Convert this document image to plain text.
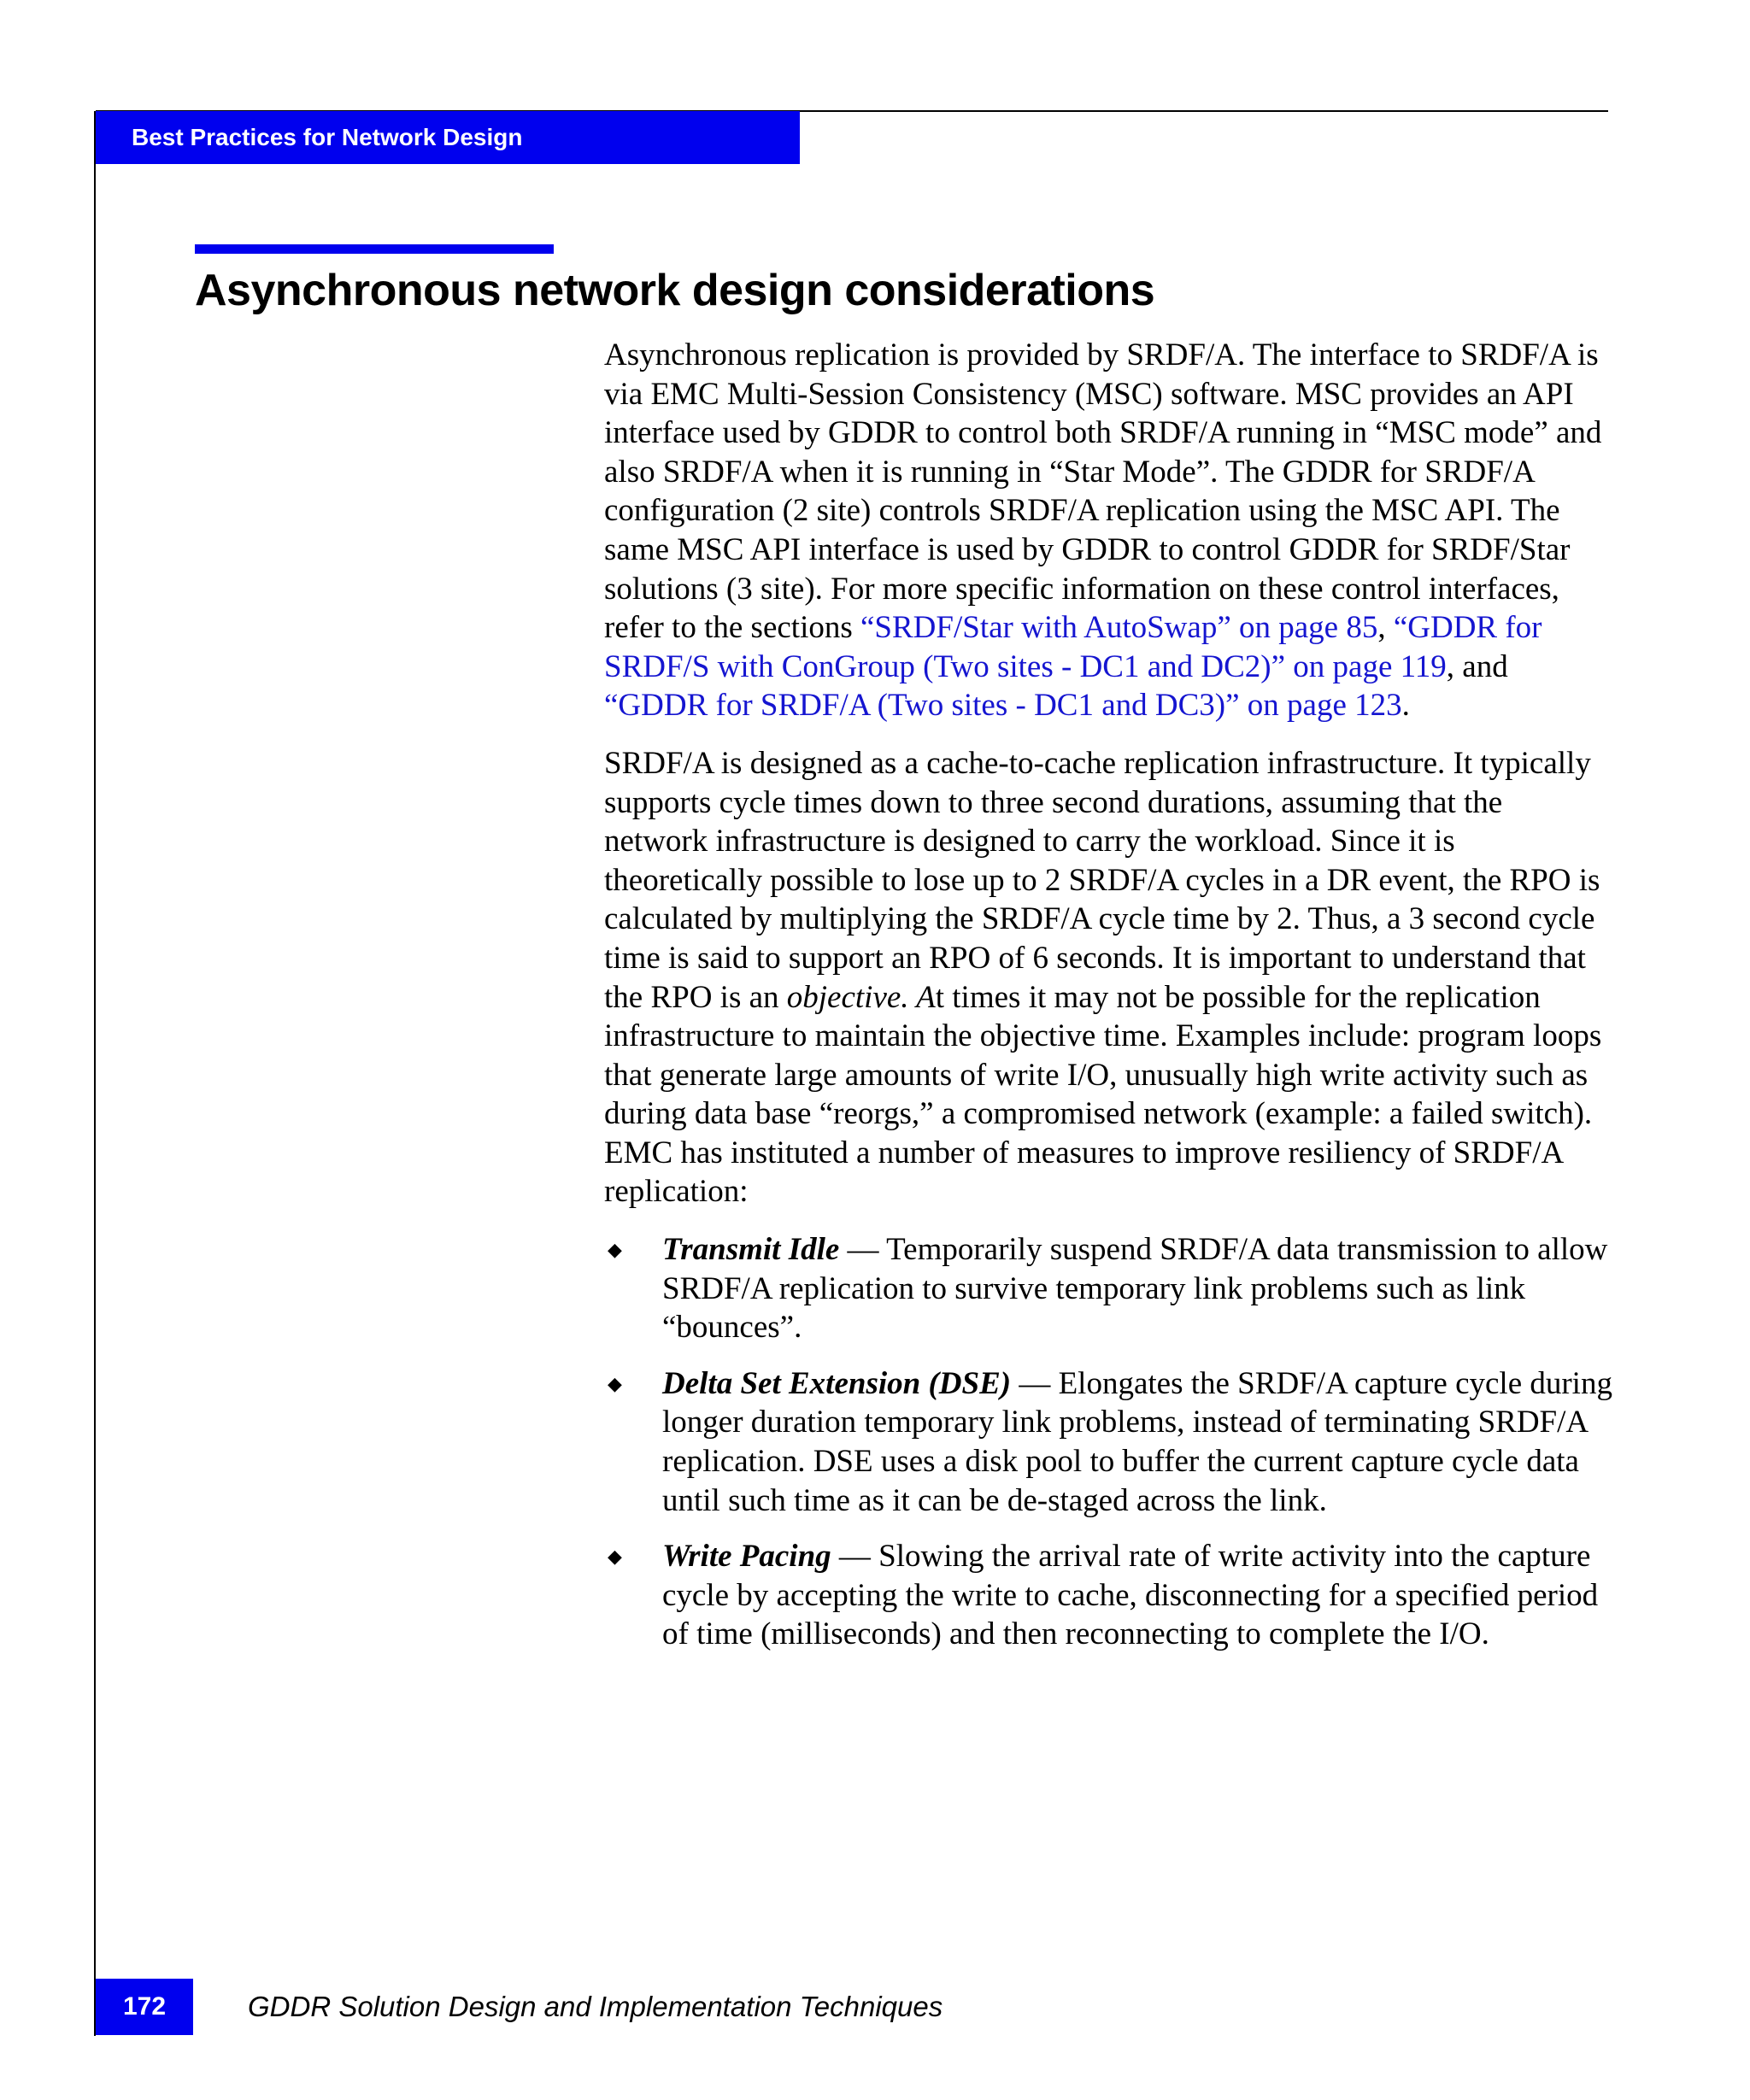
Best Practices for Network Design
Asynchronous network design considerations

Asynchronous replication is provided by SRDF/A. The interface to SRDF/A is via EMC Multi-Session Consistency (MSC) software. MSC provides an API interface used by GDDR to control both SRDF/A running in “MSC mode” and also SRDF/A when it is running in “Star Mode”. The GDDR for SRDF/A configuration (2 site) controls SRDF/A replication using the MSC API. The same MSC API interface is used by GDDR to control GDDR for SRDF/Star solutions (3 site). For more specific information on these control interfaces, refer to the sections “SRDF/Star with AutoSwap” on page 85, “GDDR for SRDF/S with ConGroup (Two sites - DC1 and DC2)” on page 119, and “GDDR for SRDF/A (Two sites - DC1 and DC3)” on page 123.

SRDF/A is designed as a cache-to-cache replication infrastructure. It typically supports cycle times down to three second durations, assuming that the network infrastructure is designed to carry the workload. Since it is theoretically possible to lose up to 2 SRDF/A cycles in a DR event, the RPO is calculated by multiplying the SRDF/A cycle time by 2. Thus, a 3 second cycle time is said to support an RPO of 6 seconds. It is important to understand that the RPO is an objective. At times it may not be possible for the replication infrastructure to maintain the objective time. Examples include: program loops that generate large amounts of write I/O, unusually high write activity such as during data base “reorgs,” a compromised network (example: a failed switch). EMC has instituted a number of measures to improve resiliency of SRDF/A replication:

◆ Transmit Idle — Temporarily suspend SRDF/A data transmission to allow SRDF/A replication to survive temporary link problems such as link “bounces”.
◆ Delta Set Extension (DSE) — Elongates the SRDF/A capture cycle during longer duration temporary link problems, instead of terminating SRDF/A replication. DSE uses a disk pool to buffer the current capture cycle data until such time as it can be de-staged across the link.
◆ Write Pacing — Slowing the arrival rate of write activity into the capture cycle by accepting the write to cache, disconnecting for a specified period of time (milliseconds) and then reconnecting to complete the I/O.
172	GDDR Solution Design and Implementation Techniques
